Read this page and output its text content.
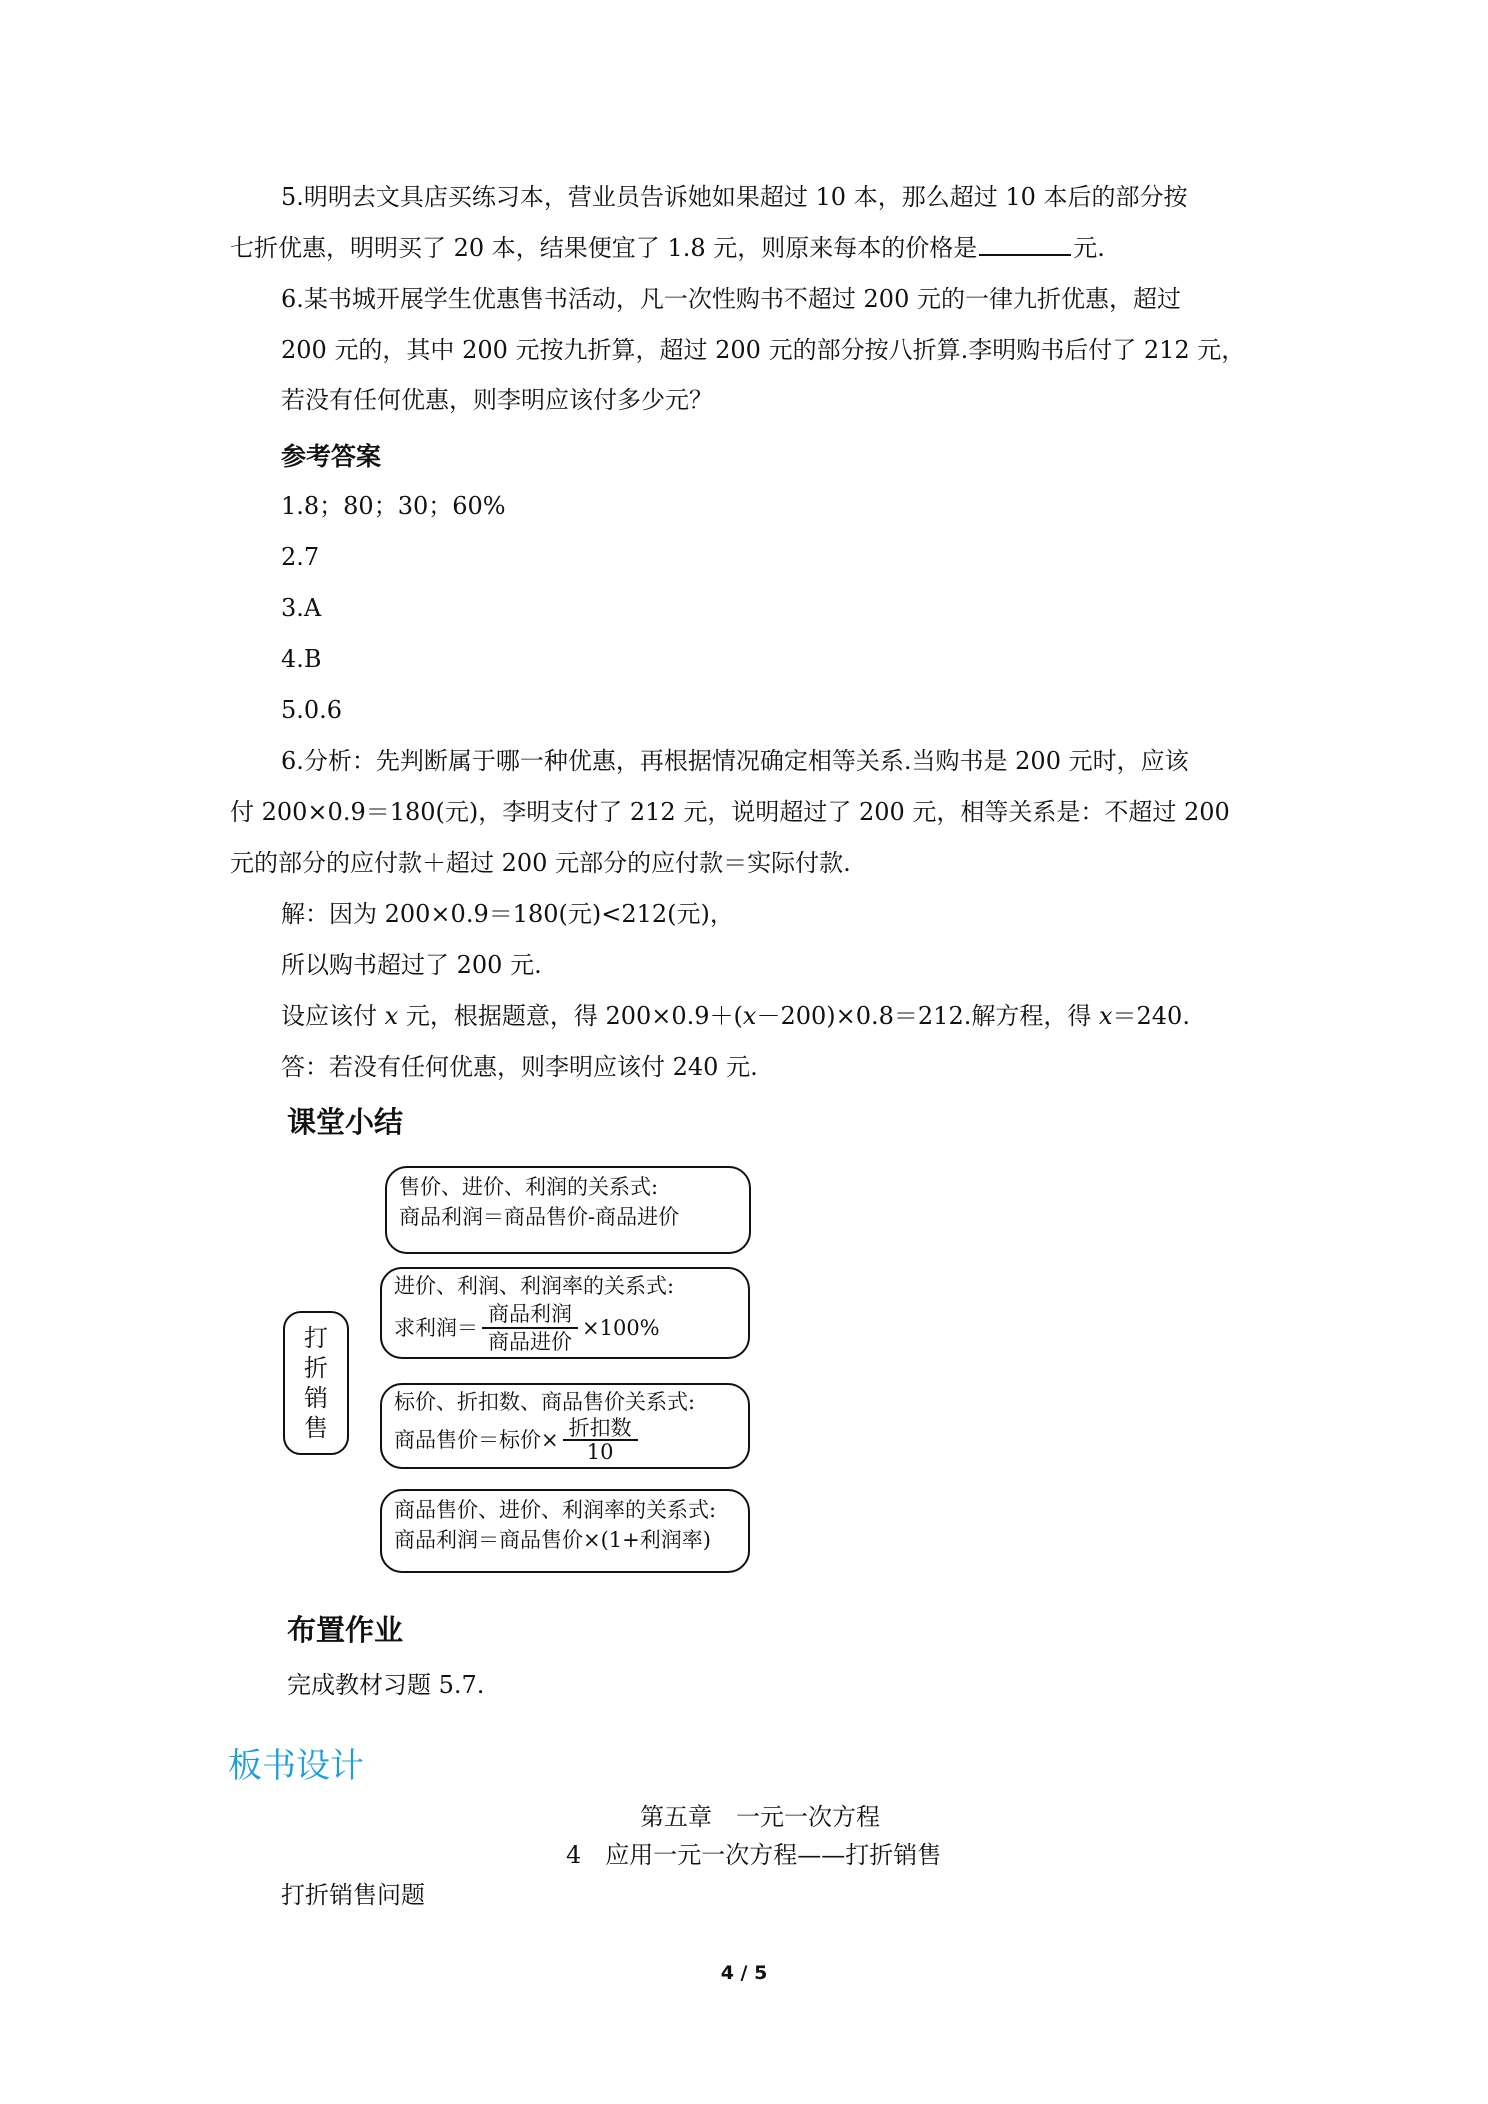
5.明明去文具店买练习本，营业员告诉她如果超过 10 本，那么超过 10 本后的部分按
七折优惠，明明买了 20 本，结果便宜了 1.8 元，则原来每本的价格是	元.
6.某书城开展学生优惠售书活动，凡一次性购书不超过 200 元的一律九折优惠，超过
200 元的，其中 200 元按九折算，超过 200 元的部分按八折算.李明购书后付了 212 元，
若没有任何优惠，则李明应该付多少元？
参考答案
1.8；80；30；60%
2.7
3.A
4.B
5.0.6
6.分析：先判断属于哪一种优惠，再根据情况确定相等关系.当购书是 200 元时，应该
付 200×0.9＝180(元)，李明支付了 212 元，说明超过了 200 元，相等关系是：不超过 200
元的部分的应付款＋超过 200 元部分的应付款＝实际付款.
解：因为 200×0.9＝180(元)<212(元)，
所以购书超过了 200 元.
设应该付 x 元，根据题意，得 200×0.9＋(x－200)×0.8＝212.解方程，得 x＝240.
答：若没有任何优惠，则李明应该付 240 元.
课堂小结
打
折
销
售
售价、进价、利润的关系式:
商品利润＝商品售价-商品进价
进价、利润、利润率的关系式:
求利润＝ $\frac{\text{商品利润}}{\text{商品进价}} \times 100\%$
标价、折扣数、商品售价关系式:
商品售价＝标价× $\frac{\text{折扣数}}{10}$
商品售价、进价、利润率的关系式:
商品利润＝商品售价×(1+利润率)
布置作业
完成教材习题 5.7.
板书设计
第五章　一元一次方程
4　应用一元一次方程——打折销售
打折销售问题
4 / 5
